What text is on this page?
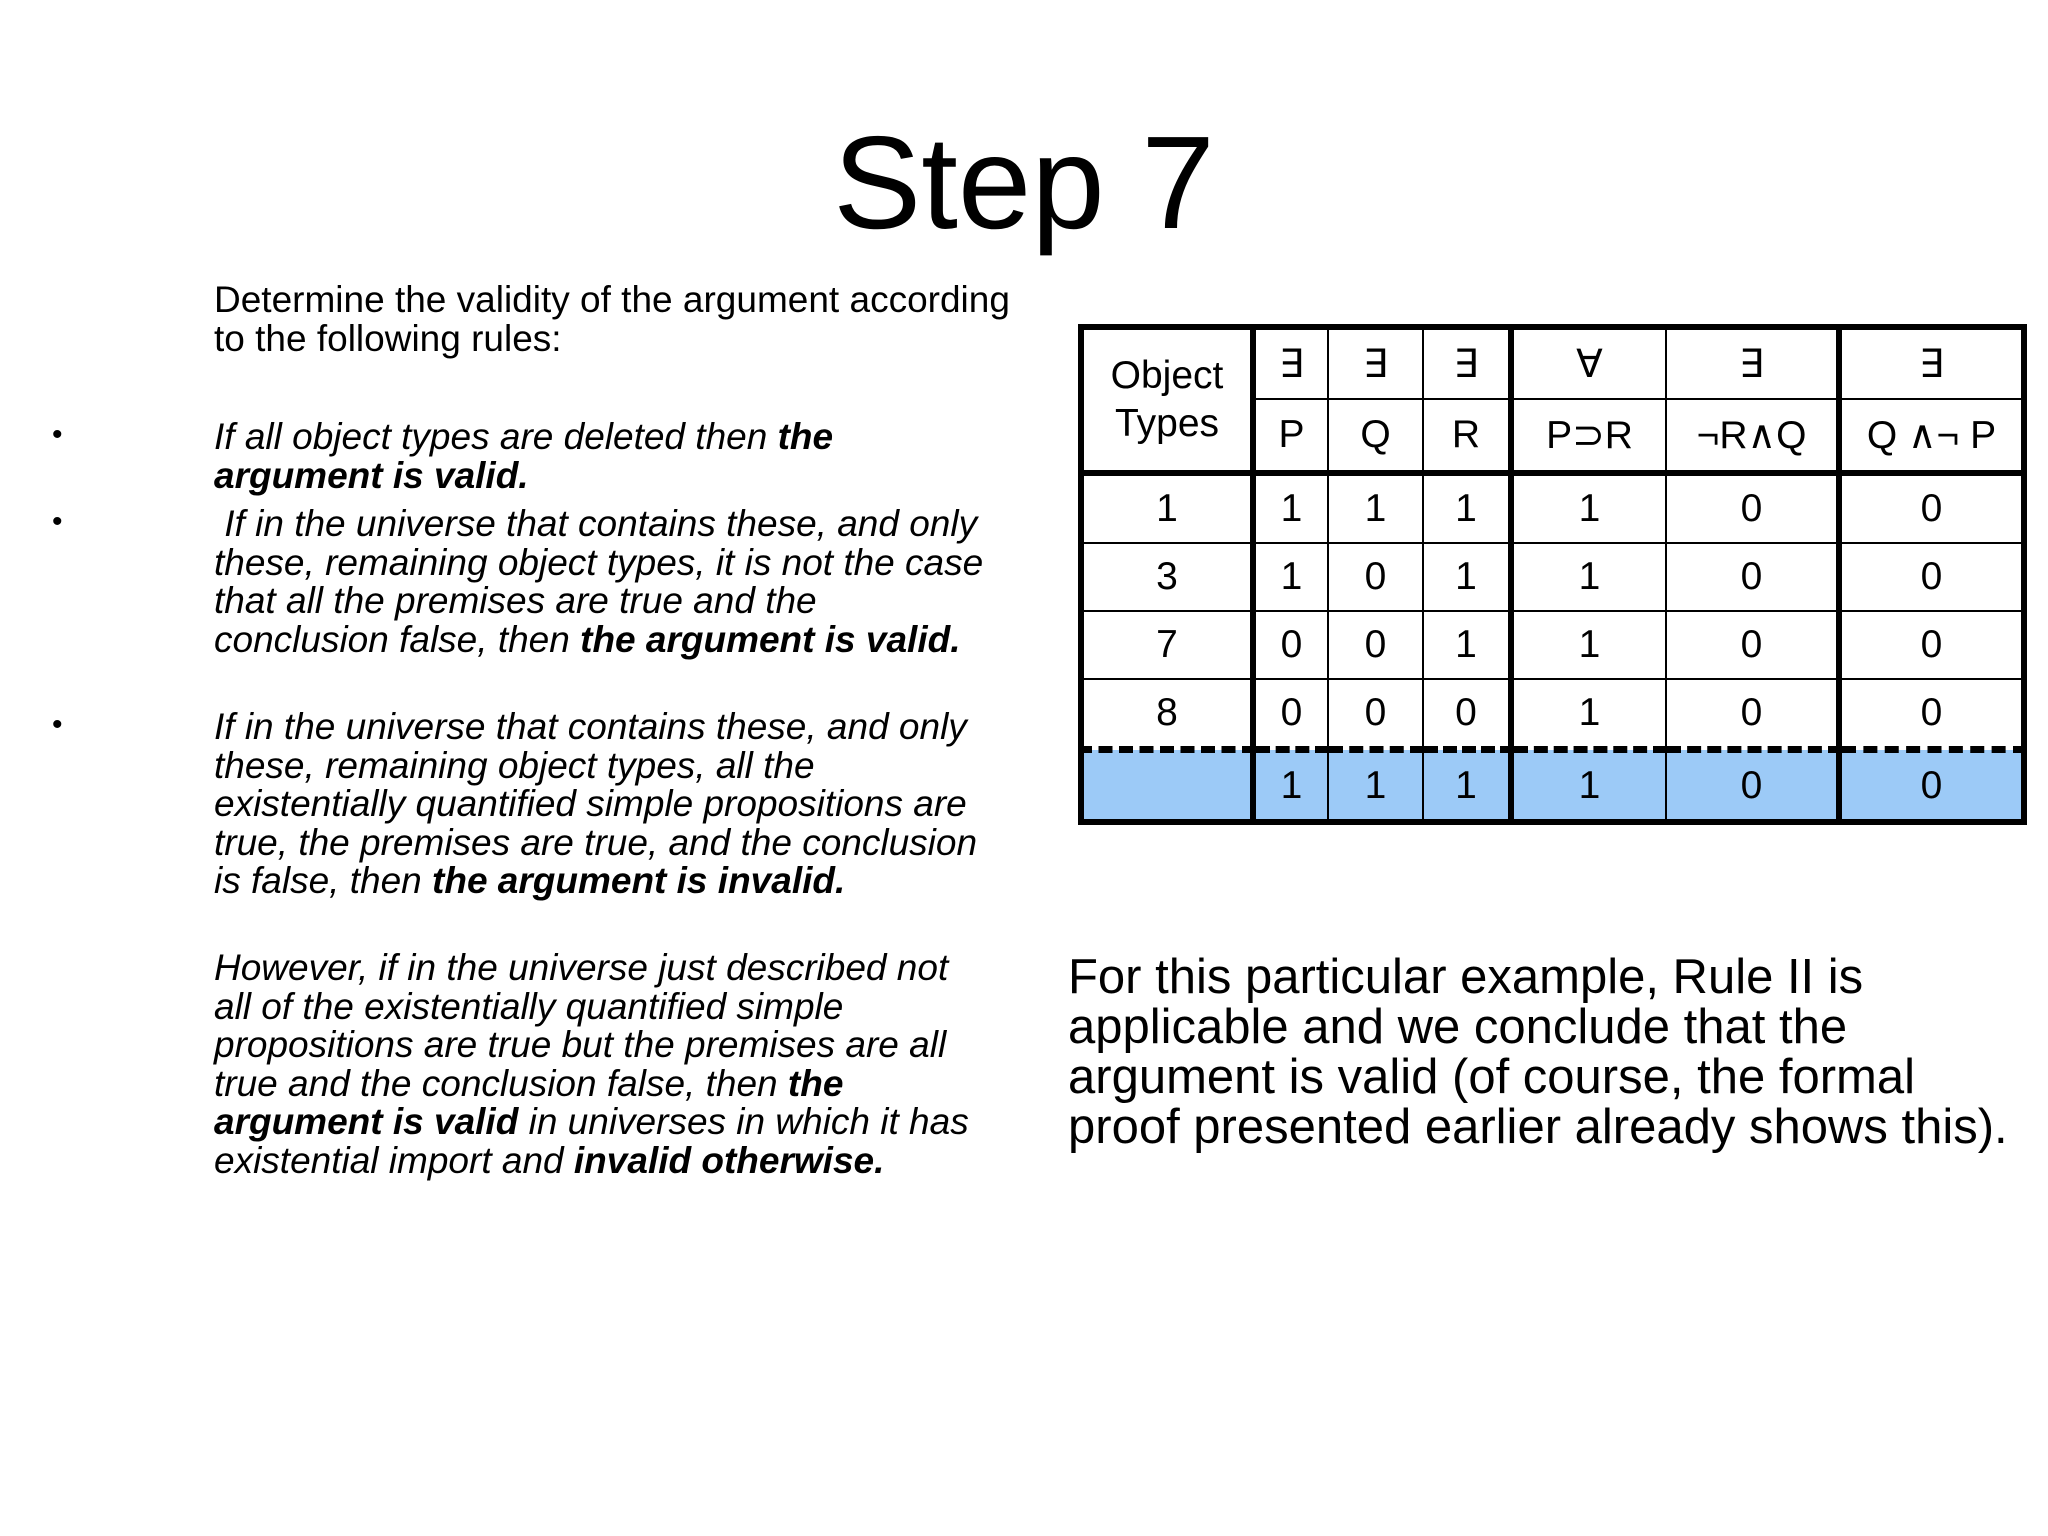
Step 7
Determine the validity of the argument according to the following rules:
•	If all object types are deleted then the argument is valid.
•	If in the universe that contains these, and only these, remaining object types, it is not the case that all the premises are true and the conclusion false, then the argument is valid.
•	If in the universe that contains these, and only these, remaining object types, all the existentially quantified simple propositions are true, the premises are true, and the conclusion is false, then the argument is invalid.
However, if in the universe just described not all of the existentially quantified simple propositions are true but the premises are all true and the conclusion false, then the argument is valid in universes in which it has existential import and invalid otherwise.
Object
Types	∃	∃	∃	∀	∃	∃
	P	Q	R	P⊃R	¬R∧Q	Q ∧¬ P
1	1	1	1	1	0	0
3	1	0	1	1	0	0
7	0	0	1	1	0	0
8	0	0	0	1	0	0
	1	1	1	1	0	0
For this particular example, Rule II is applicable and we conclude that the argument is valid (of course, the formal proof presented earlier already shows this).
